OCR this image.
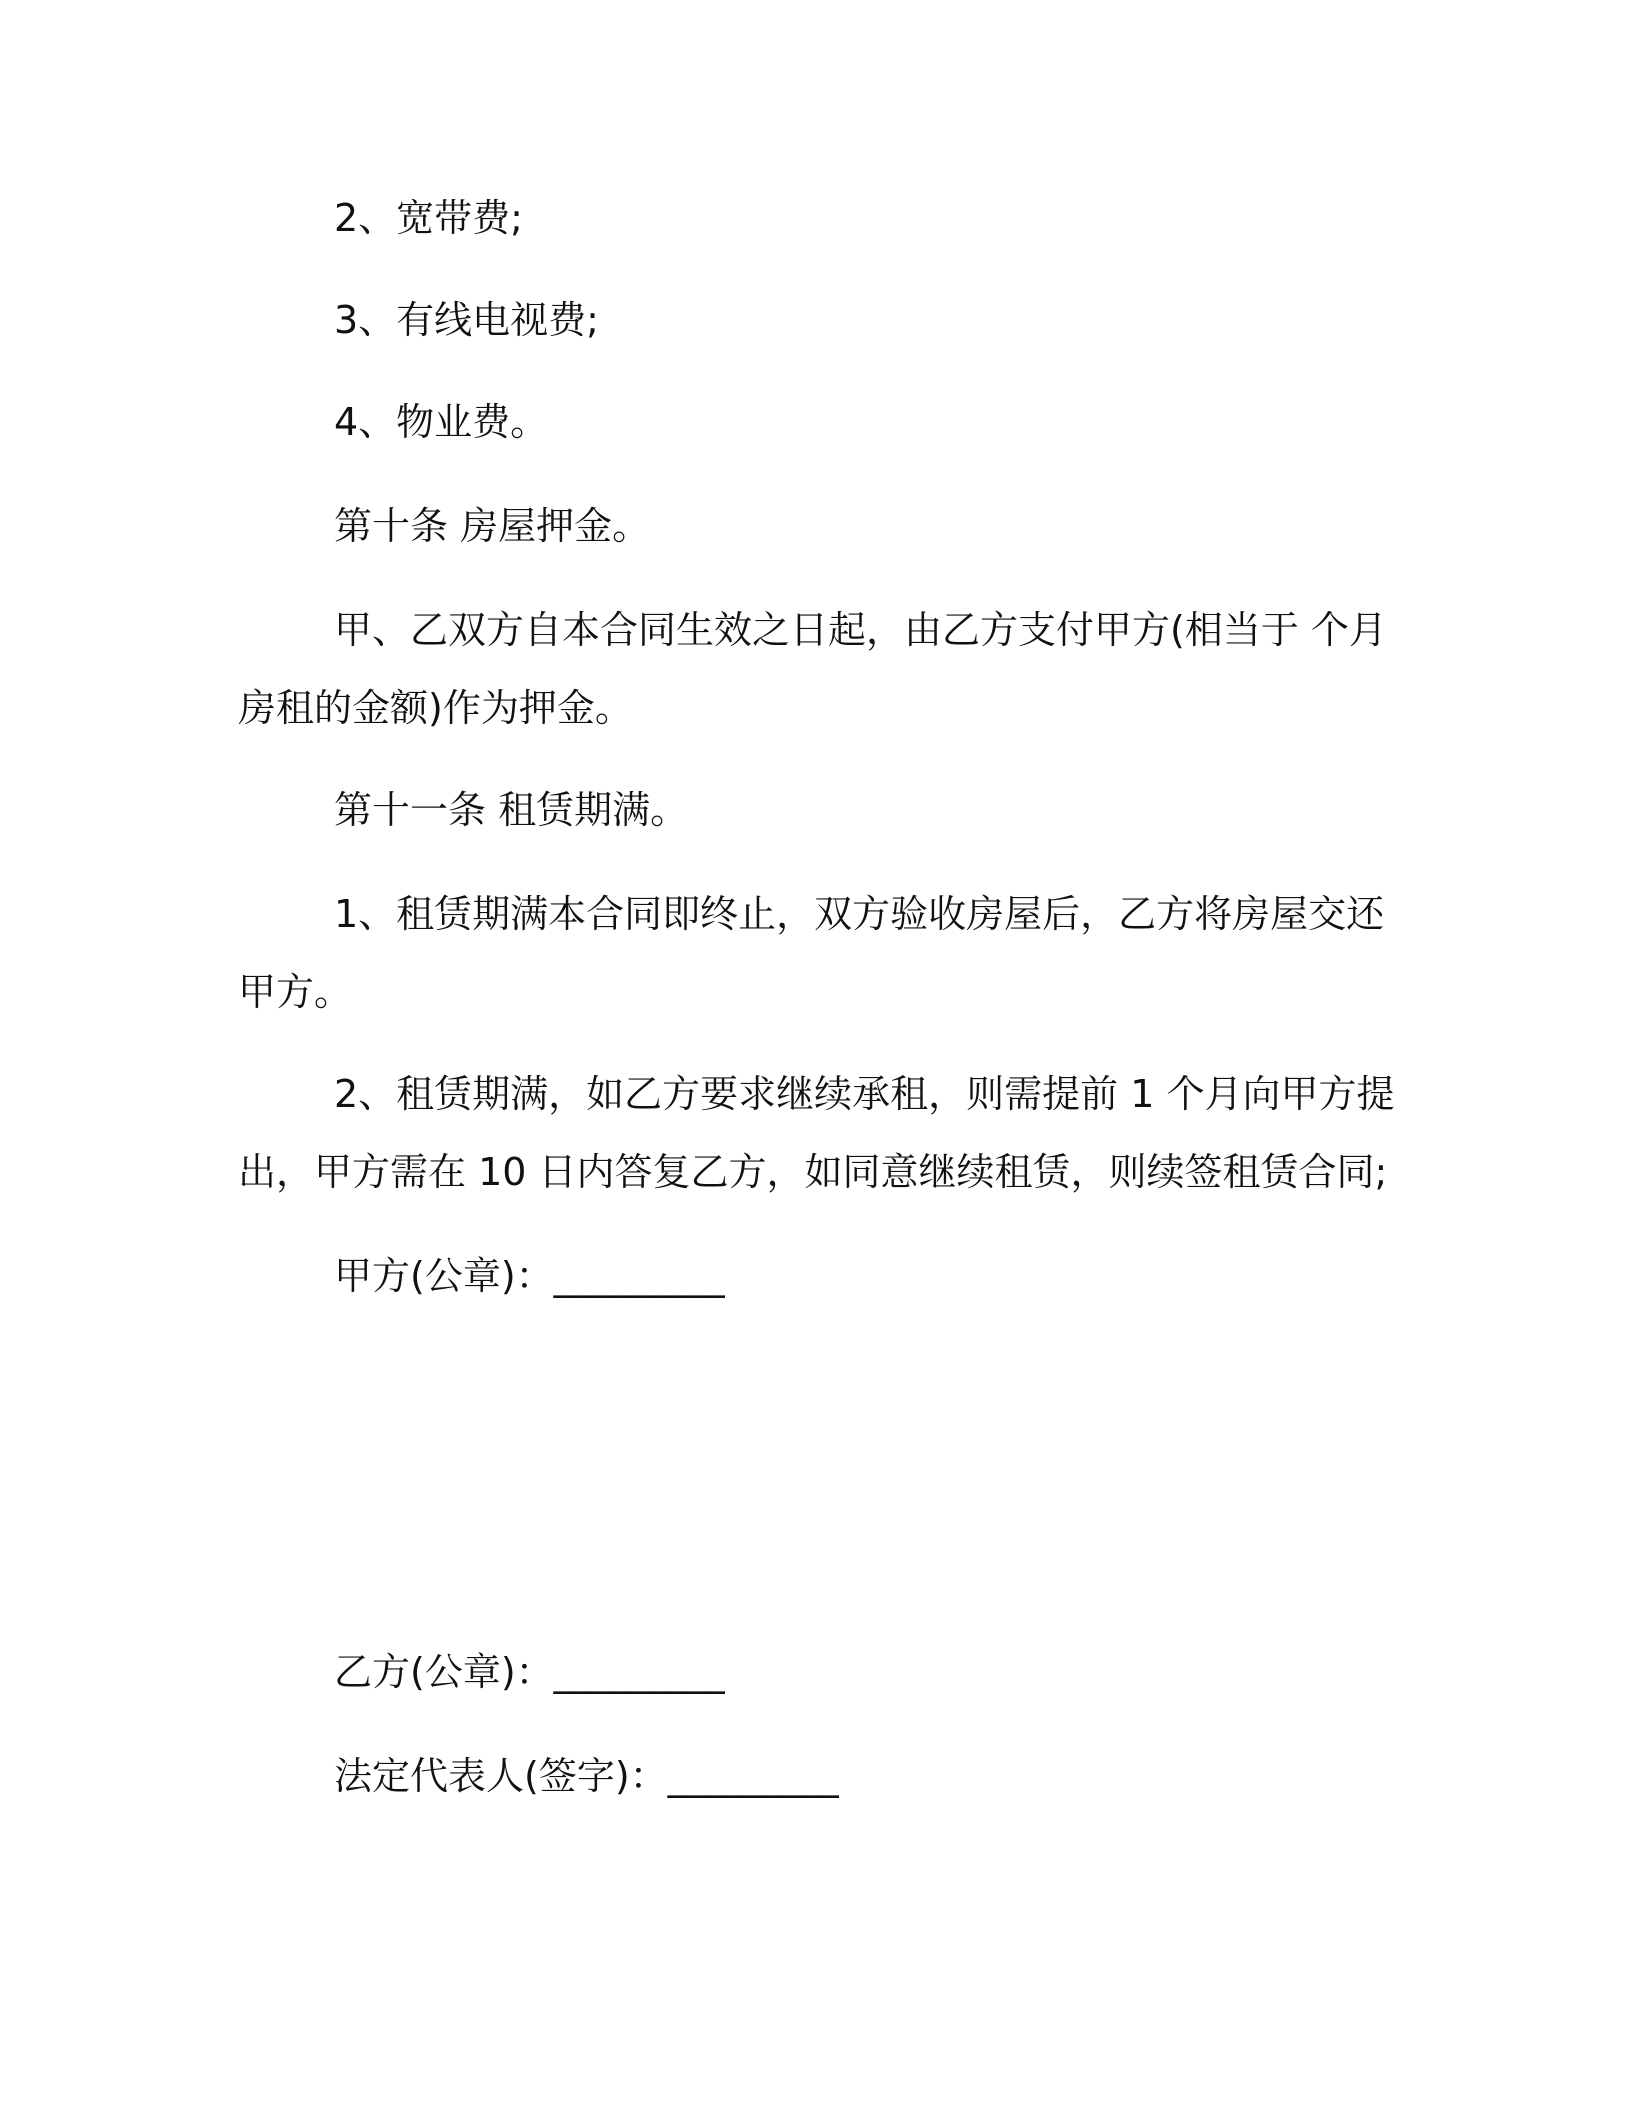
2、宽带费;
3、有线电视费;
4、物业费。
第十条 房屋押金。
甲、乙双方自本合同生效之日起，由乙方支付甲方(相当于 个月
房租的金额)作为押金。
第十一条 租赁期满。
1、租赁期满本合同即终止，双方验收房屋后，乙方将房屋交还
甲方。
2、租赁期满，如乙方要求继续承租，则需提前 1 个月向甲方提
出，甲方需在 10 日内答复乙方，如同意继续租赁，则续签租赁合同;
甲方(公章)：_________
乙方(公章)：_________
法定代表人(签字)：_________
